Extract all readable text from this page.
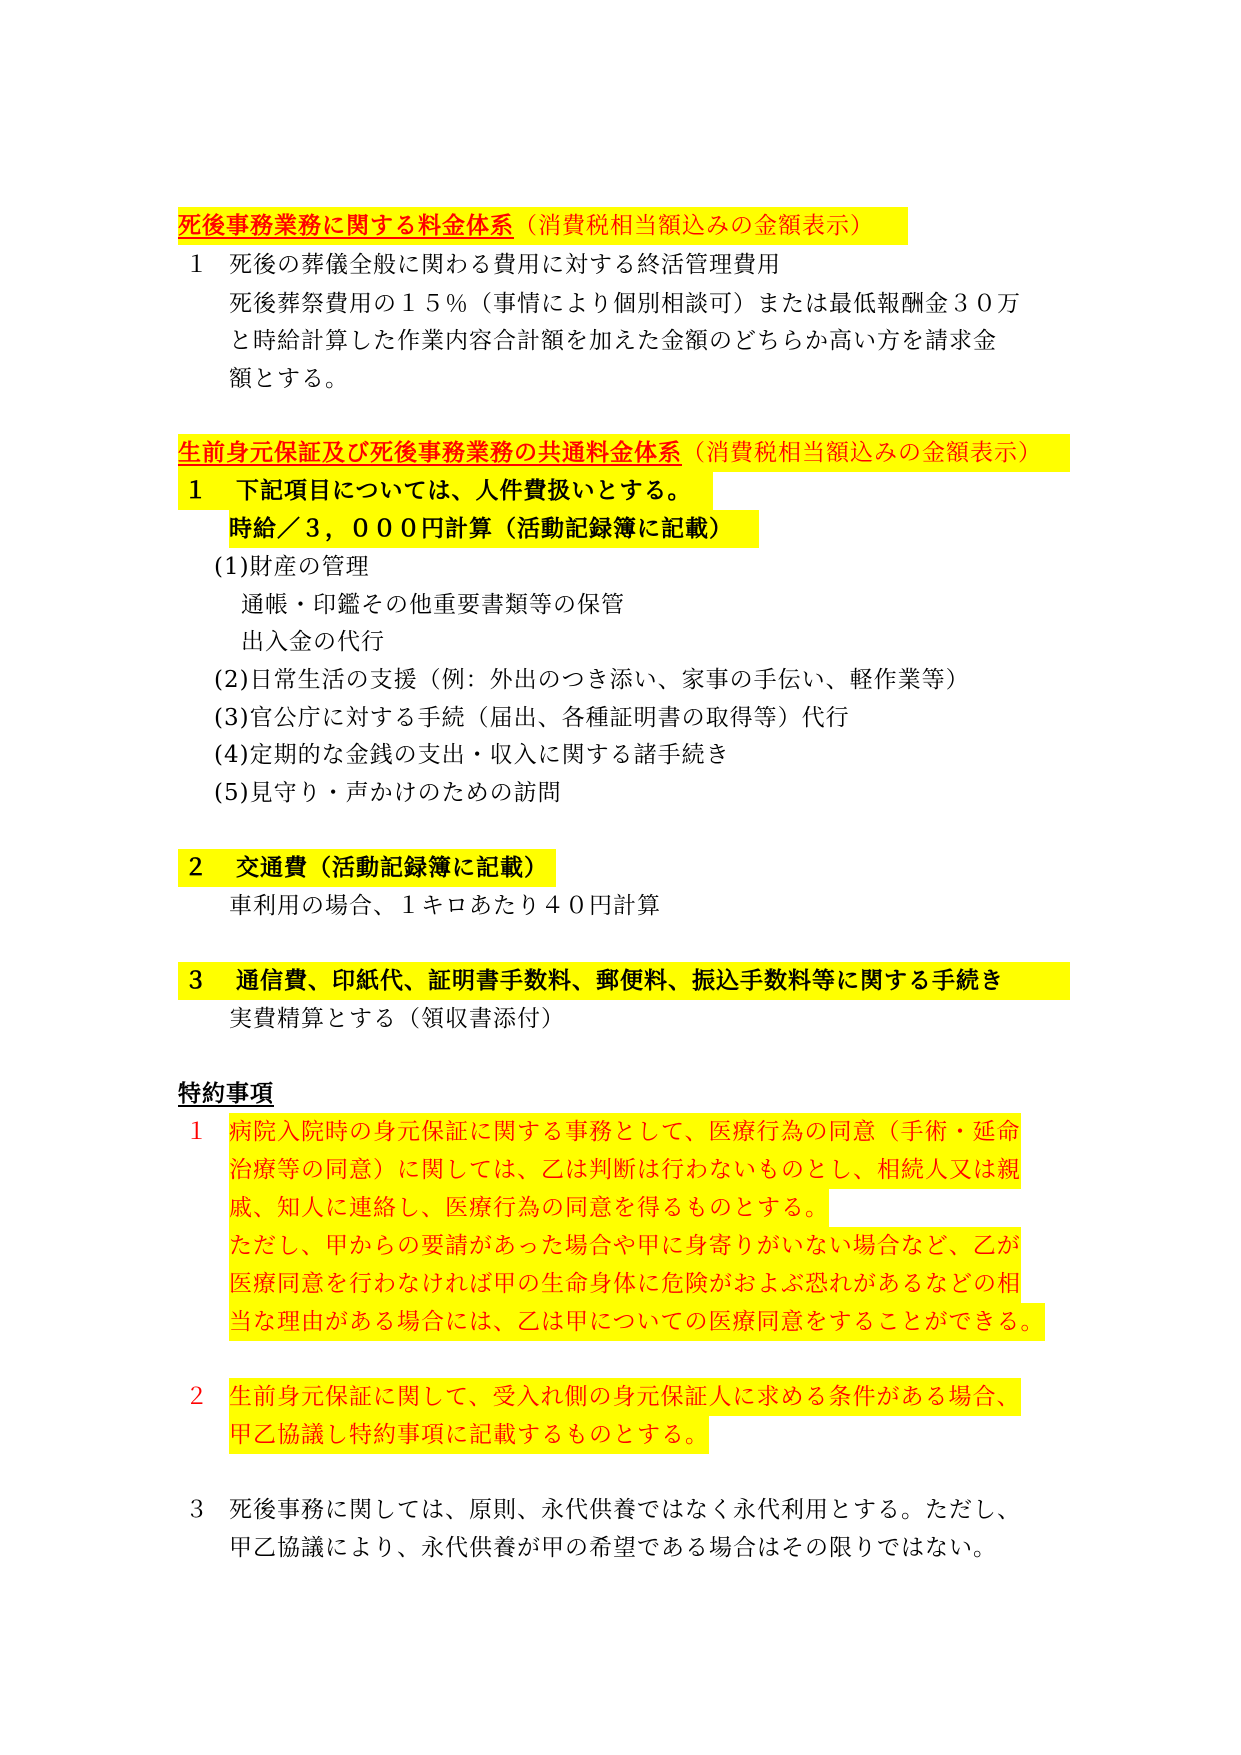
死後事務業務に関する料金体系（消費税相当額込みの金額表示）
１ 死後の葬儀全般に関わる費用に対する終活管理費用
死後葬祭費用の１５％（事情により個別相談可）または最低報酬金３０万
と時給計算した作業内容合計額を加えた金額のどちらか高い方を請求金
額とする。
生前身元保証及び死後事務業務の共通料金体系（消費税相当額込みの金額表示）
１ 下記項目については、人件費扱いとする。
時給／３，０００円計算（活動記録簿に記載）
(1)財産の管理
通帳・印鑑その他重要書類等の保管
出入金の代行
(2)日常生活の支援（例：外出のつき添い、家事の手伝い、軽作業等）
(3)官公庁に対する手続（届出、各種証明書の取得等）代行
(4)定期的な金銭の支出・収入に関する諸手続き
(5)見守り・声かけのための訪問
２ 交通費（活動記録簿に記載）
車利用の場合、１キロあたり４０円計算
３ 通信費、印紙代、証明書手数料、郵便料、振込手数料等に関する手続き
実費精算とする（領収書添付）
特約事項
１ 病院入院時の身元保証に関する事務として、医療行為の同意（手術・延命
治療等の同意）に関しては、乙は判断は行わないものとし、相続人又は親
戚、知人に連絡し、医療行為の同意を得るものとする。
ただし、甲からの要請があった場合や甲に身寄りがいない場合など、乙が
医療同意を行わなければ甲の生命身体に危険がおよぶ恐れがあるなどの相
当な理由がある場合には、乙は甲についての医療同意をすることができる。
２ 生前身元保証に関して、受入れ側の身元保証人に求める条件がある場合、
甲乙協議し特約事項に記載するものとする。
３ 死後事務に関しては、原則、永代供養ではなく永代利用とする。ただし、
甲乙協議により、永代供養が甲の希望である場合はその限りではない。
